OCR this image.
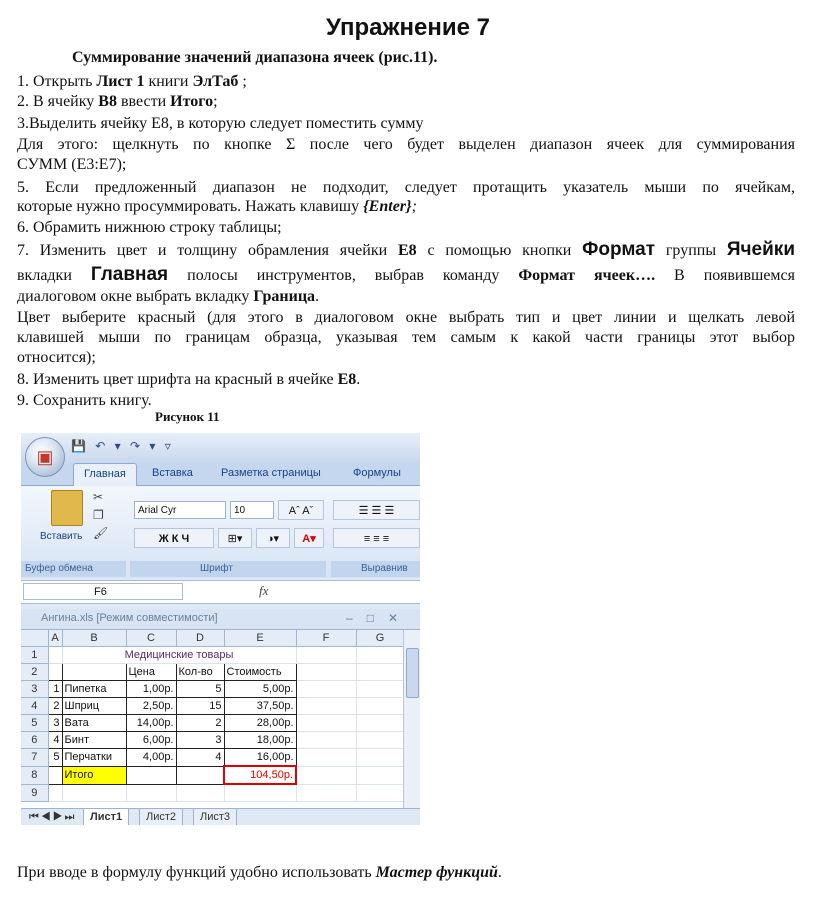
Упражнение 7
Суммирование значений диапазона ячеек (рис.11).
1. Открыть Лист 1 книги ЭлТаб ;
2. В ячейку В8 ввести Итого;
3.Выделить ячейку Е8, в которую следует поместить сумму
Для этого: щелкнуть по кнопке Σ после чего будет выделен диапазон ячеек для суммирования
СУММ (Е3:Е7);
5. Если предложенный диапазон не подходит, следует протащить указатель мыши по ячейкам,
которые нужно просуммировать. Нажать клавишу {Enter};
6. Обрамить нижнюю строку таблицы;
7. Изменить цвет и толщину обрамления ячейки Е8 с помощью кнопки Формат группы Ячейки
вкладки Главная полосы инструментов, выбрав команду Формат ячеек…. В появившемся
диалоговом окне выбрать вкладку Граница.
Цвет выберите красный (для этого в диалоговом окне выбрать тип и цвет линии и щелкать левой
клавишей мыши по границам образца, указывая тем самым к какой части границы этот выбор
относится);
8. Изменить цвет шрифта на красный в ячейке Е8.
9. Сохранить книгу.
Рисунок 11
💾 ↶ ▾ ↷ ▾ ▿
Главная	Вставка	Разметка страницы	Формулы
▣
Вставить
✂
❐
🖌
Arial Cyr	10	Aˆ Aˇ
Ж К Ч	⊞▾	◑▾	A▾
☰ ☰ ☰
≡ ≡ ≡
Буфер обмена	Шрифт	Выравнив
F6	fx
Ангина.xls [Режим совместимости]	–□✕
	A	B	C	D	E	F	G
1		Медицинские товары					
2			Цена	Кол-во	Стоимость		
3	1	Пипетка	1,00р.	5	5,00р.		
4	2	Шприц	2,50р.	15	37,50р.		
5	3	Вата	14,00р.	2	28,00р.		
6	4	Бинт	6,00р.	3	18,00р.		
7	5	Перчатки	4,00р.	4	16,00р.		
8		Итого			104,50р.		
9							
⏮◀▶⏭	Лист1	Лист2	Лист3
При вводе в формулу функций удобно использовать Мастер функций.
